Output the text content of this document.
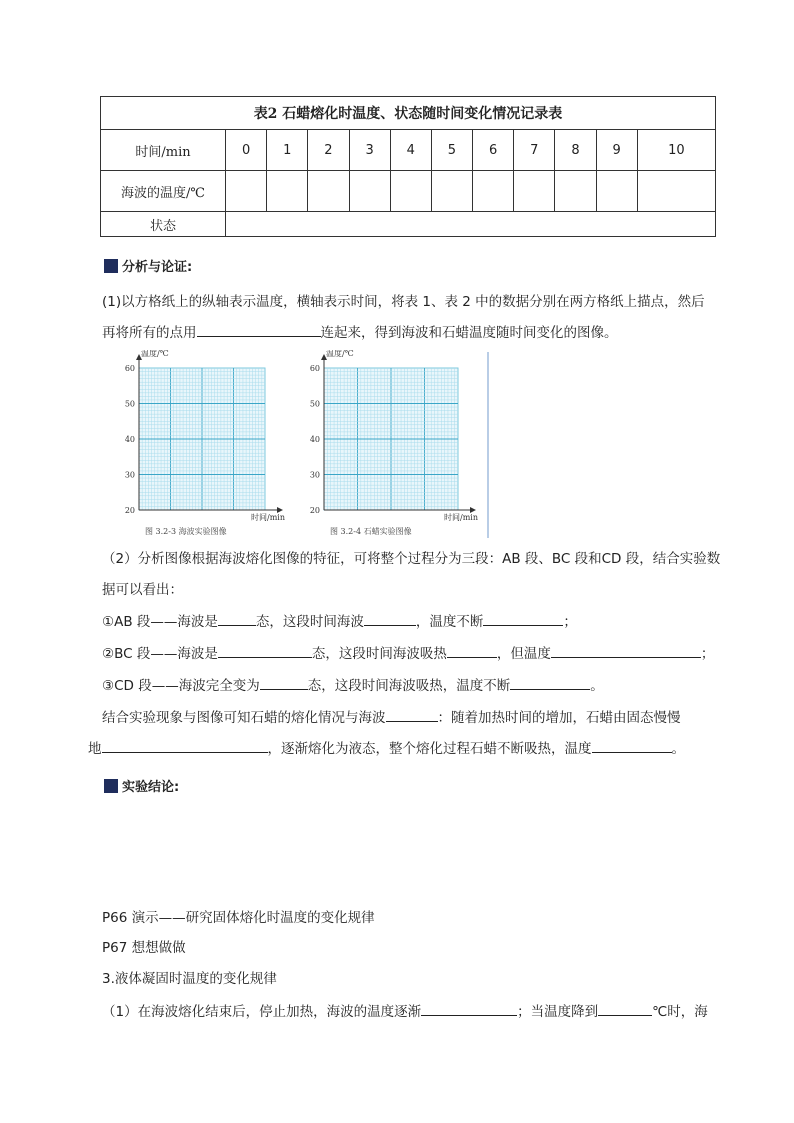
表2 石蜡熔化时温度、状态随时间变化情况记录表											
时间/min	0	1	2	3	4	5	6	7	8	9	10
海波的温度/℃											
状态											
分析与论证:
(1)以方格纸上的纵轴表示温度，横轴表示时间，将表 1、表 2 中的数据分别在两方格纸上描点，然后
再将所有的点用	连起来，得到海波和石蜡温度随时间变化的图像。
60
50
40
30
20
温度/℃
时间/min
图 3.2-3 海波实验图像
60
50
40
30
20
温度/℃
时间/min
图 3.2-4 石蜡实验图像
（2）分析图像根据海波熔化图像的特征，可将整个过程分为三段：AB 段、BC 段和CD 段，结合实验数
据可以看出：
①AB 段——海波是	态，这段时间海波	，温度不断	；
②BC 段——海波是	态，这段时间海波吸热	，但温度	；
③CD 段——海波完全变为	态，这段时间海波吸热，温度不断	。
结合实验现象与图像可知石蜡的熔化情况与海波	：随着加热时间的增加，石蜡由固态慢慢
地	，逐渐熔化为液态，整个熔化过程石蜡不断吸热，温度	。
实验结论:
P66 演示——研究固体熔化时温度的变化规律
P67 想想做做
3.液体凝固时温度的变化规律
（1）在海波熔化结束后，停止加热，海波的温度逐渐	；当温度降到	℃时，海
